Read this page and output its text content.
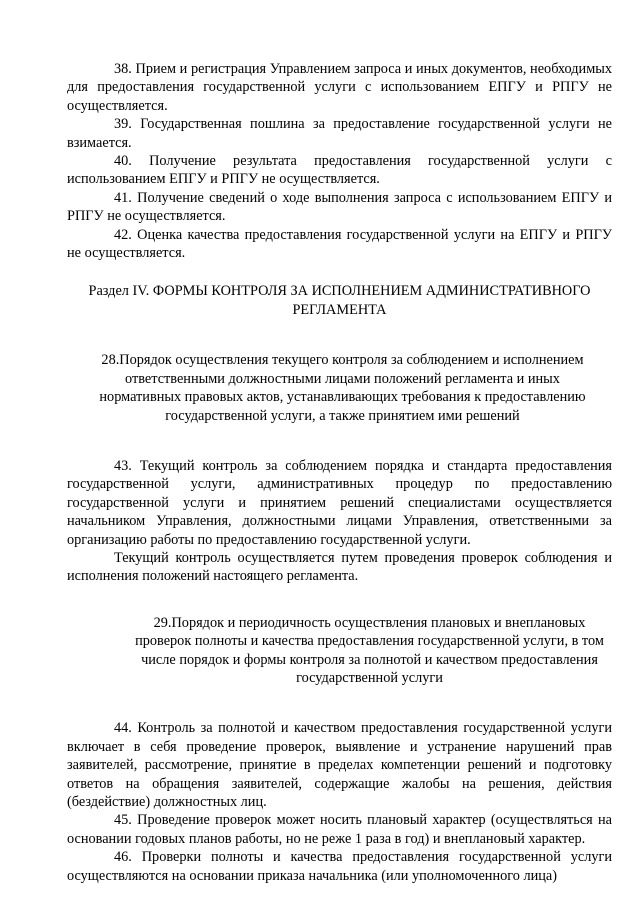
38. Прием и регистрация Управлением запроса и иных документов, необходимых для предоставления государственной услуги с использованием ЕПГУ и РПГУ не осуществляется.

39. Государственная пошлина за предоставление государственной услуги не взимается.

40. Получение результата предоставления государственной услуги с использованием ЕПГУ и РПГУ не осуществляется.

41. Получение сведений о ходе выполнения запроса с использованием ЕПГУ и РПГУ не осуществляется.

42. Оценка качества предоставления государственной услуги на ЕПГУ и РПГУ не осуществляется.

Раздел IV. ФОРМЫ КОНТРОЛЯ ЗА ИСПОЛНЕНИЕМ АДМИНИСТРАТИВНОГО РЕГЛАМЕНТА
28.Порядок осуществления текущего контроля за соблюдением и исполнением ответственными должностными лицами положений регламента и иных нормативных правовых актов, устанавливающих требования к предоставлению государственной услуги, а также принятием ими решений

43. Текущий контроль за соблюдением порядка и стандарта предоставления государственной услуги, административных процедур по предоставлению государственной услуги и принятием решений специалистами осуществляется начальником Управления, должностными лицами Управления, ответственными за организацию работы по предоставлению государственной услуги.

Текущий контроль осуществляется путем проведения проверок соблюдения и исполнения положений настоящего регламента.

29.Порядок и периодичность осуществления плановых и внеплановых проверок полноты и качества предоставления государственной услуги, в том числе порядок и формы контроля за полнотой и качеством предоставления государственной услуги

44. Контроль за полнотой и качеством предоставления государственной услуги включает в себя проведение проверок, выявление и устранение нарушений прав заявителей, рассмотрение, принятие в пределах компетенции решений и подготовку ответов на обращения заявителей, содержащие жалобы на решения, действия (бездействие) должностных лиц.

45. Проведение проверок может носить плановый характер (осуществляться на основании годовых планов работы, но не реже 1 раза в год) и внеплановый характер.

46. Проверки полноты и качества предоставления государственной услуги осуществляются на основании приказа начальника (или уполномоченного лица)
